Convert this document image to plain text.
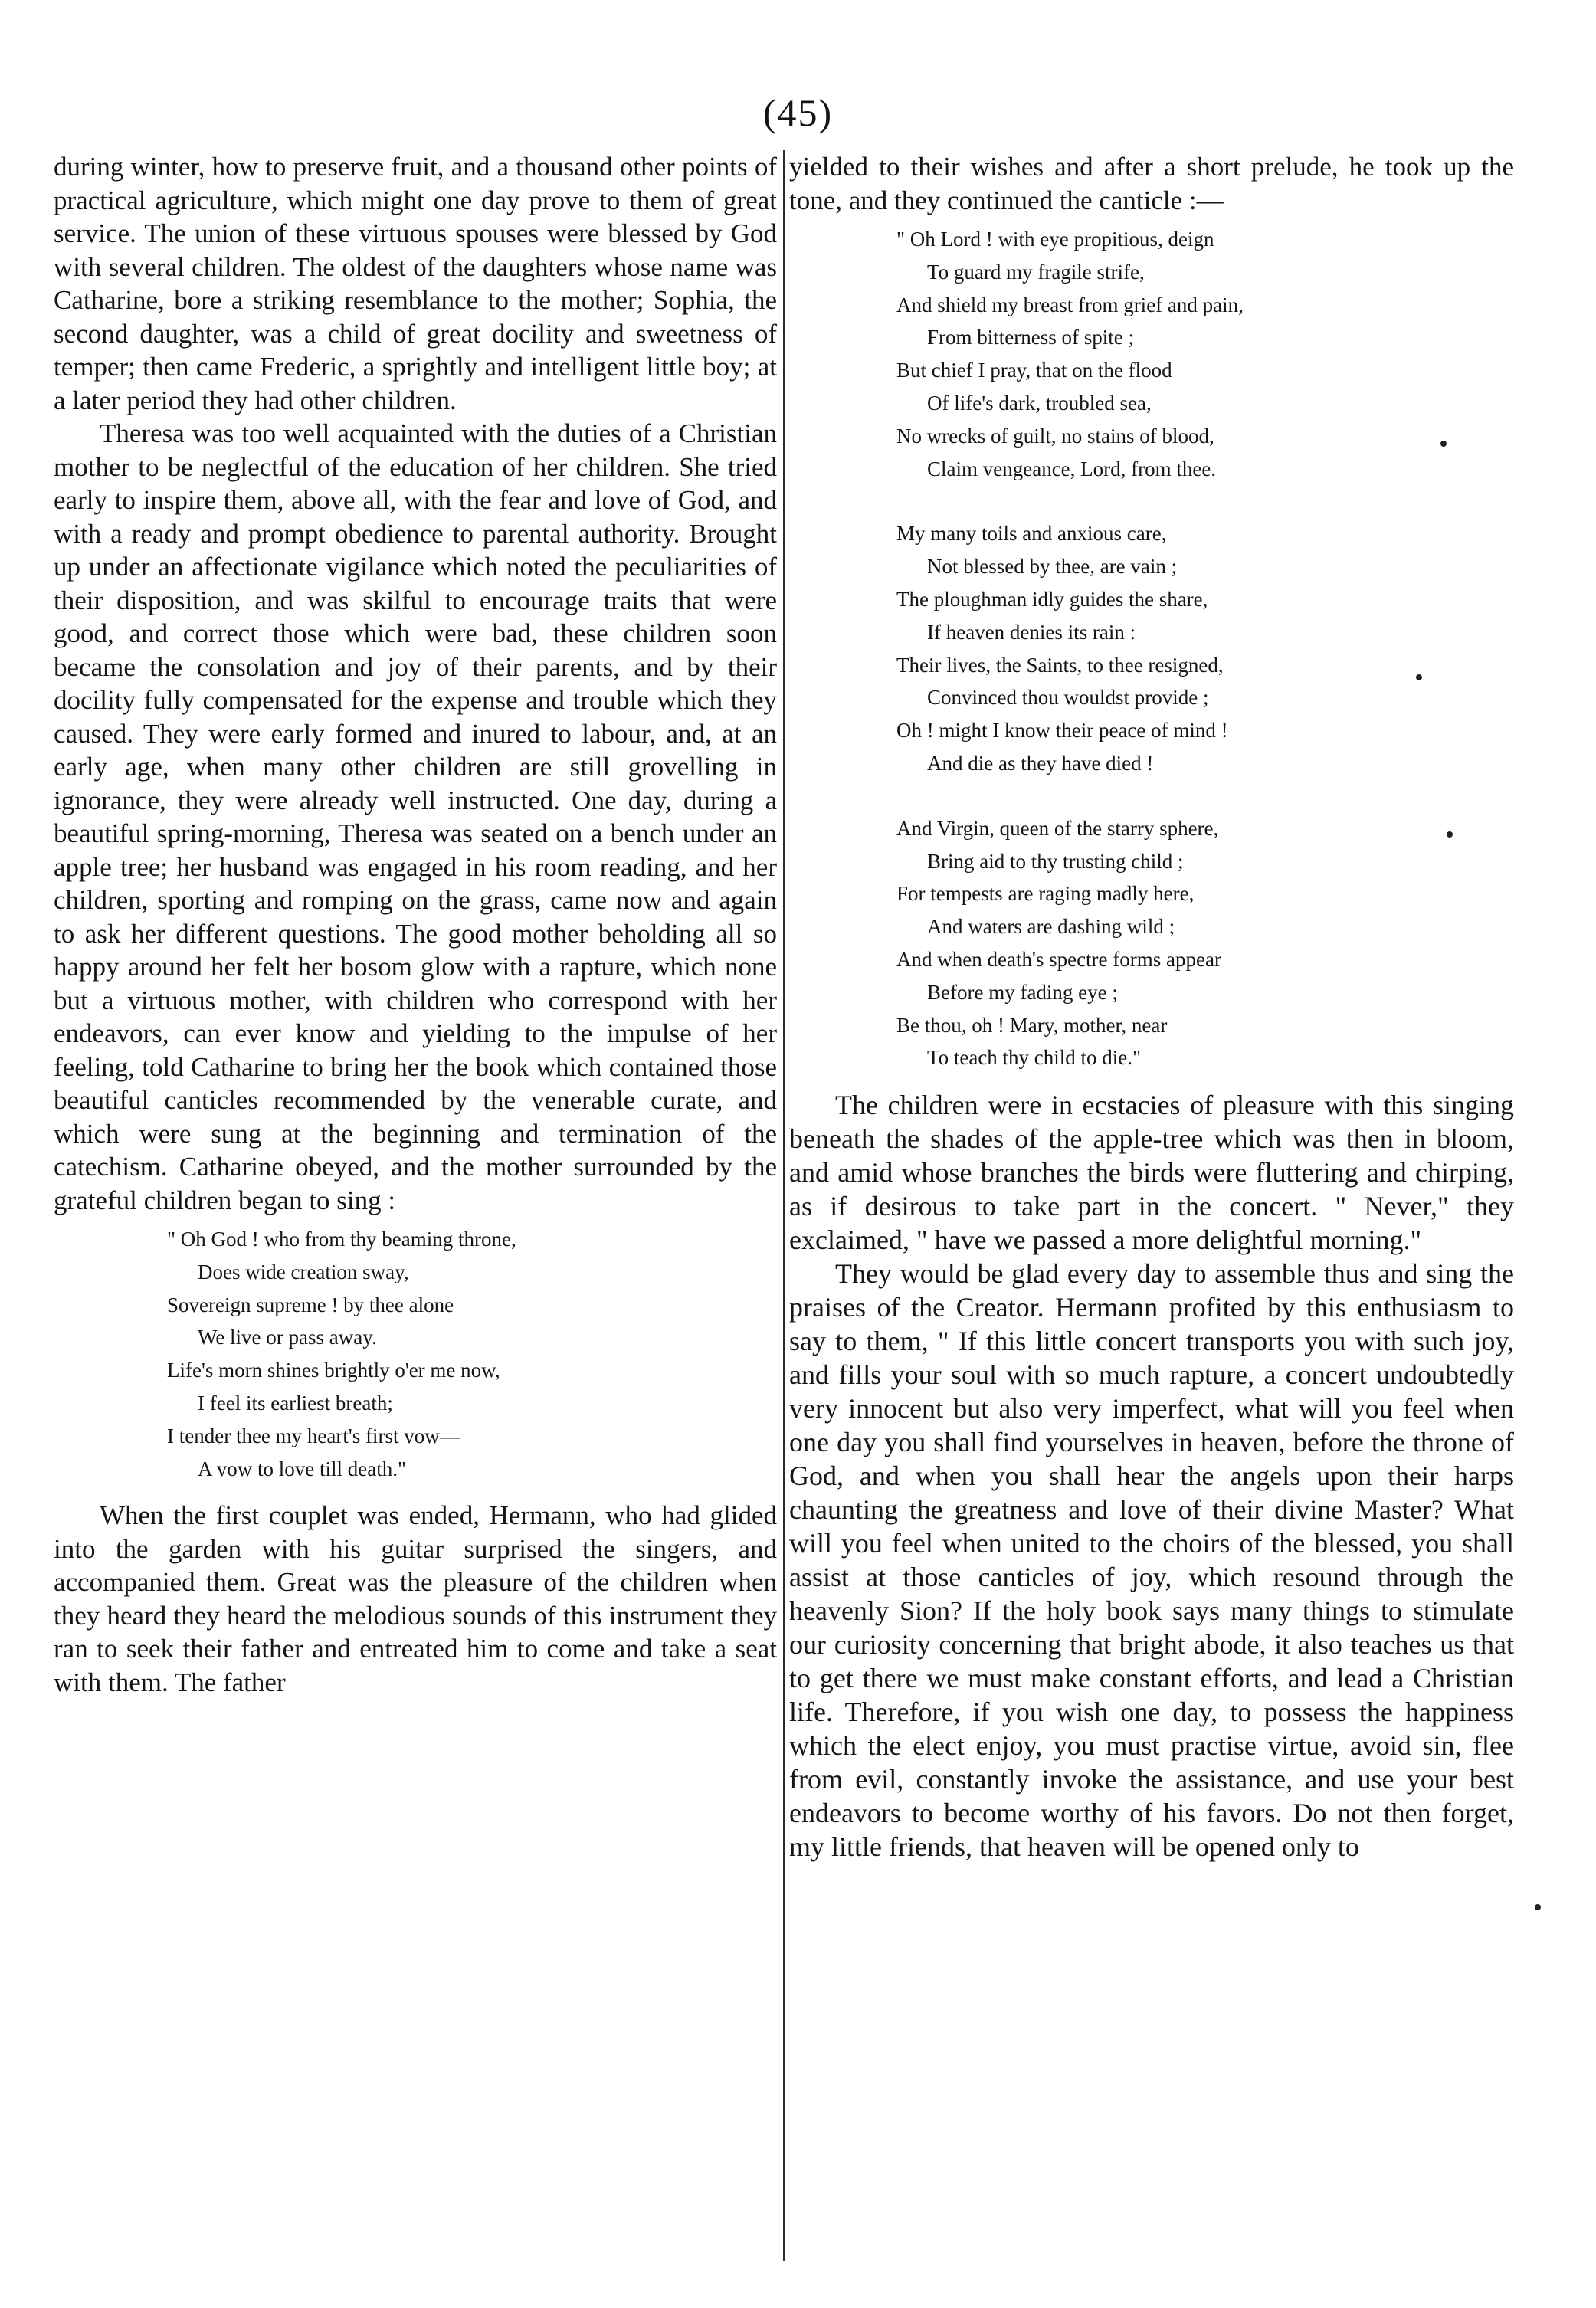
(45)

during winter, how to preserve fruit, and a thousand other points of practical agriculture, which might one day prove to them of great service. The union of these virtuous spouses were blessed by God with several children. The oldest of the daughters whose name was Catharine, bore a striking resemblance to the mother; Sophia, the second daughter, was a child of great docility and sweetness of temper; then came Frederic, a sprightly and intelligent little boy; at a later period they had other children.

Theresa was too well acquainted with the duties of a Christian mother to be neglectful of the education of her children. She tried early to inspire them, above all, with the fear and love of God, and with a ready and prompt obedience to parental authority. Brought up under an affectionate vigilance which noted the peculiarities of their disposition, and was skilful to encourage traits that were good, and correct those which were bad, these children soon became the consolation and joy of their parents, and by their docility fully compensated for the expense and trouble which they caused. They were early formed and inured to labour, and, at an early age, when many other children are still grovelling in ignorance, they were already well instructed. One day, during a beautiful spring-morning, Theresa was seated on a bench under an apple tree; her husband was engaged in his room reading, and her children, sporting and romping on the grass, came now and again to ask her different questions. The good mother beholding all so happy around her felt her bosom glow with a rapture, which none but a virtuous mother, with children who correspond with her endeavors, can ever know and yielding to the impulse of her feeling, told Catharine to bring her the book which contained those beautiful canticles recommended by the venerable curate, and which were sung at the beginning and termination of the catechism. Catharine obeyed, and the mother surrounded by the grateful children began to sing :

" Oh God ! who from thy beaming throne,
Does wide creation sway,
Sovereign supreme ! by thee alone
We live or pass away.
Life's morn shines brightly o'er me now,
I feel its earliest breath;
I tender thee my heart's first vow—
A vow to love till death."

When the first couplet was ended, Hermann, who had glided into the garden with his guitar surprised the singers, and accompanied them. Great was the pleasure of the children when they heard they heard the melodious sounds of this instrument they ran to seek their father and entreated him to come and take a seat with them. The father

yielded to their wishes and after a short prelude, he took up the tone, and they continued the canticle :—

" Oh Lord ! with eye propitious, deign
To guard my fragile strife,
And shield my breast from grief and pain,
From bitterness of spite ;
But chief I pray, that on the flood
Of life's dark, troubled sea,
No wrecks of guilt, no stains of blood,
Claim vengeance, Lord, from thee.
My many toils and anxious care,
Not blessed by thee, are vain ;
The ploughman idly guides the share,
If heaven denies its rain :
Their lives, the Saints, to thee resigned,
Convinced thou wouldst provide ;
Oh ! might I know their peace of mind !
And die as they have died !
And Virgin, queen of the starry sphere,
Bring aid to thy trusting child ;
For tempests are raging madly here,
And waters are dashing wild ;
And when death's spectre forms appear
Before my fading eye ;
Be thou, oh ! Mary, mother, near
To teach thy child to die."

The children were in ecstacies of pleasure with this singing beneath the shades of the apple-tree which was then in bloom, and amid whose branches the birds were fluttering and chirping, as if desirous to take part in the concert. " Never," they exclaimed, " have we passed a more delightful morning."

They would be glad every day to assemble thus and sing the praises of the Creator. Hermann profited by this enthusiasm to say to them, " If this little concert transports you with such joy, and fills your soul with so much rapture, a concert undoubtedly very innocent but also very imperfect, what will you feel when one day you shall find yourselves in heaven, before the throne of God, and when you shall hear the angels upon their harps chaunting the greatness and love of their divine Master? What will you feel when united to the choirs of the blessed, you shall assist at those canticles of joy, which resound through the heavenly Sion? If the holy book says many things to stimulate our curiosity concerning that bright abode, it also teaches us that to get there we must make constant efforts, and lead a Christian life. Therefore, if you wish one day, to possess the happiness which the elect enjoy, you must practise virtue, avoid sin, flee from evil, constantly invoke the assistance, and use your best endeavors to become worthy of his favors. Do not then forget, my little friends, that heaven will be opened only to
